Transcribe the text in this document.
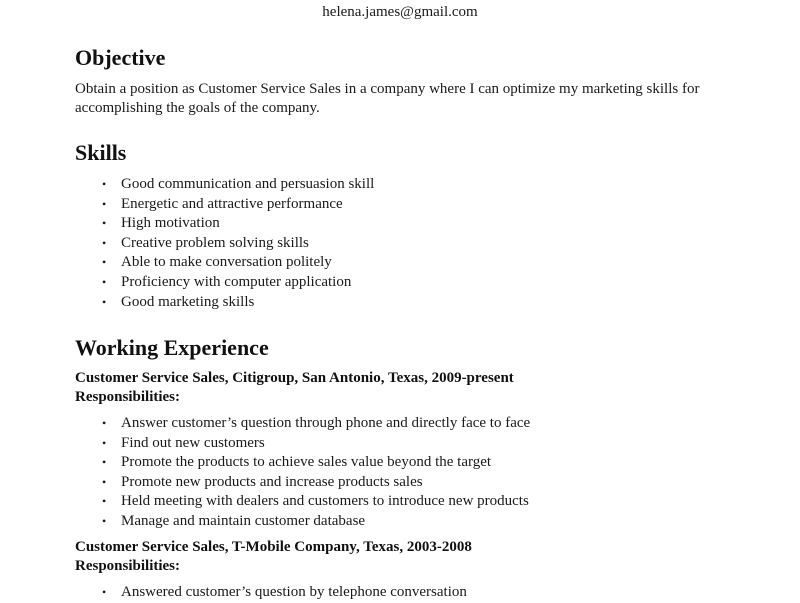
helena.james@gmail.com
Objective

Obtain a position as Customer Service Sales in a company where I can optimize my marketing skills for accomplishing the goals of the company.

Skills
• Good communication and persuasion skill
• Energetic and attractive performance
• High motivation
• Creative problem solving skills
• Able to make conversation politely
• Proficiency with computer application
• Good marketing skills
Working Experience
Customer Service Sales, Citigroup, San Antonio, Texas, 2009-present
Responsibilities:
• Answer customer’s question through phone and directly face to face
• Find out new customers
• Promote the products to achieve sales value beyond the target
• Promote new products and increase products sales
• Held meeting with dealers and customers to introduce new products
• Manage and maintain customer database
Customer Service Sales, T-Mobile Company, Texas, 2003-2008
Responsibilities:
• Answered customer’s question by telephone conversation
